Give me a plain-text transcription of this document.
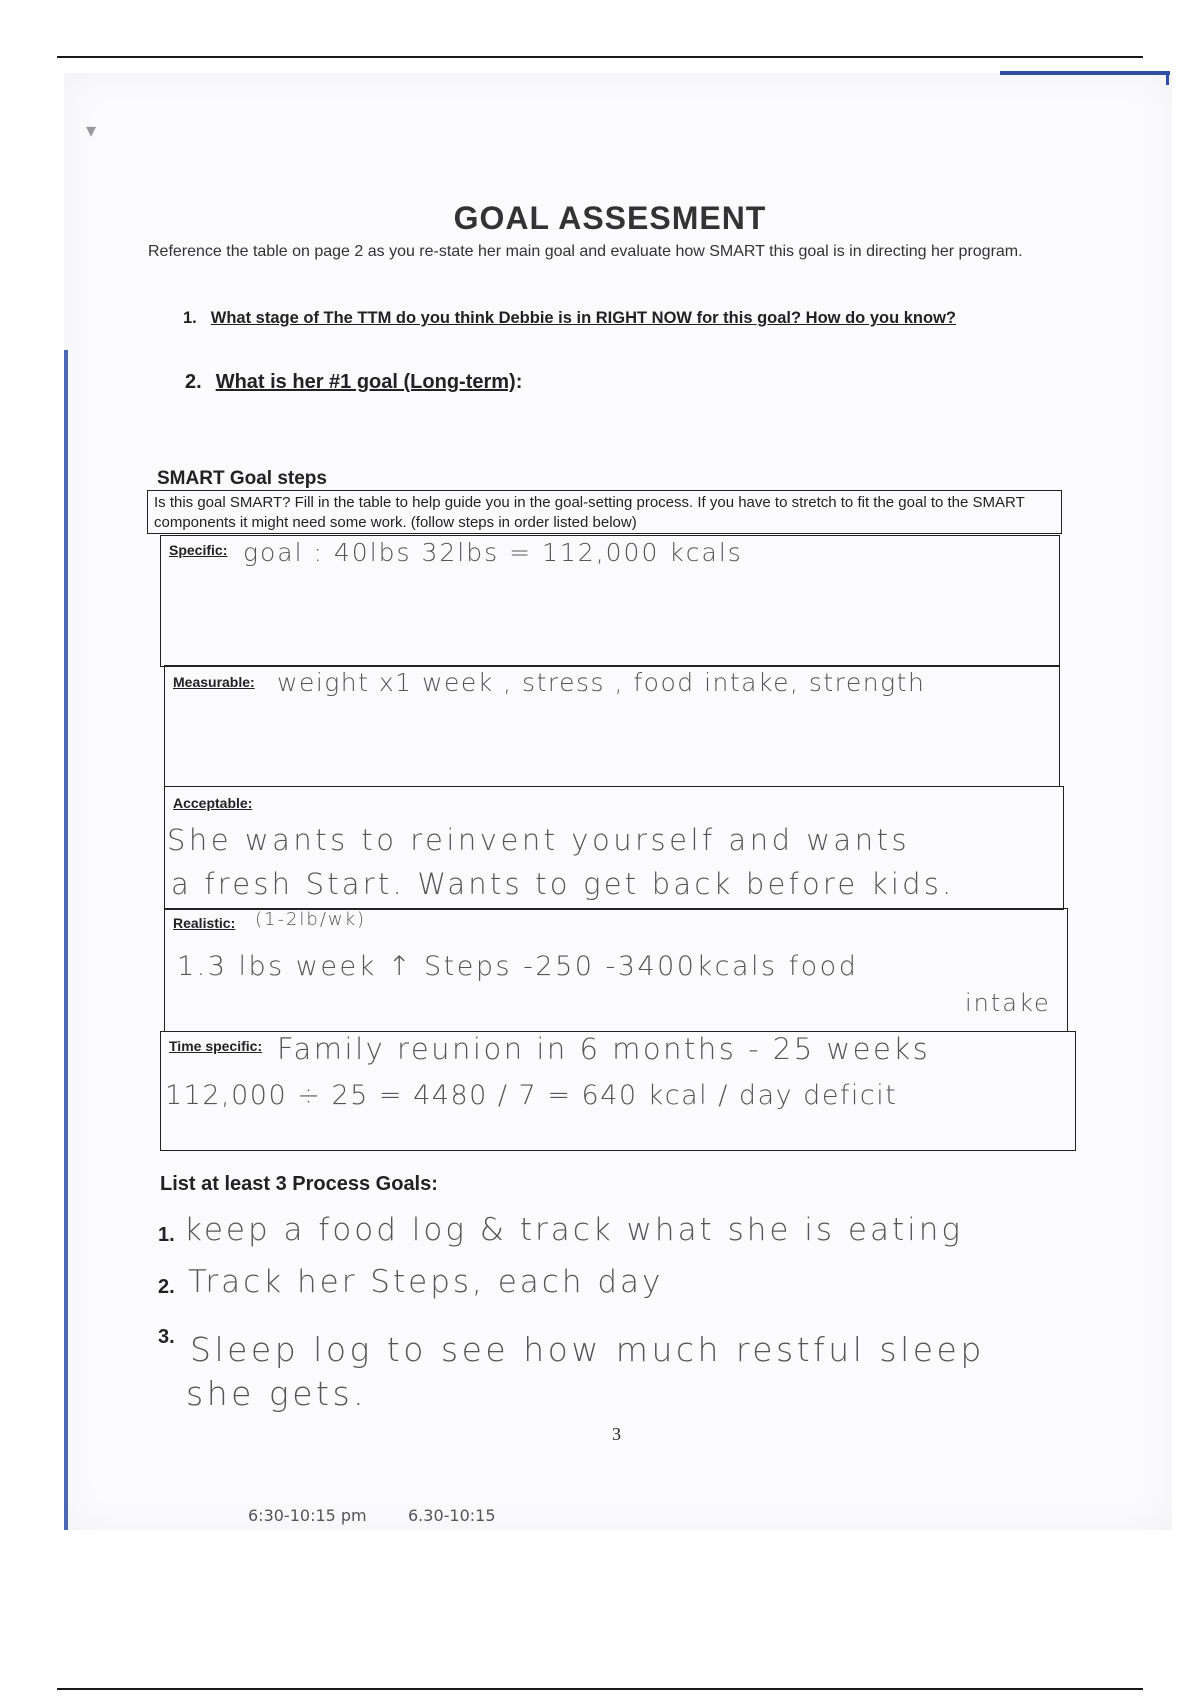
▾
GOAL ASSESMENT
Reference the table on page 2 as you re-state her main goal and evaluate how SMART this goal is in directing her program.
1. What stage of The TTM do you think Debbie is in RIGHT NOW for this goal? How do you know?
2. What is her #1 goal (Long-term):
SMART Goal steps
Is this goal SMART? Fill in the table to help guide you in the goal-setting process. If you have to stretch to fit the goal to the SMART components it might need some work. (follow steps in order listed below)
Specific: goal : 40lbs 32lbs = 112,000 kcals
Measurable: weight x1 week , stress , food intake, strength
Acceptable:
She wants to reinvent yourself and wants
a fresh Start. Wants to get back before kids.
Realistic: (1-2lb/wk)
1.3 lbs week ↑ Steps -250 -3400kcals food
intake
Time specific: Family reunion in 6 months - 25 weeks
112,000 ÷ 25 = 4480 / 7 = 640 kcal / day deficit
List at least 3 Process Goals:
1. keep a food log & track what she is eating
2. Track her Steps, each day
3. Sleep log to see how much restful sleep
she gets.
3
6:30-10:15 pm	6.30-10:15
